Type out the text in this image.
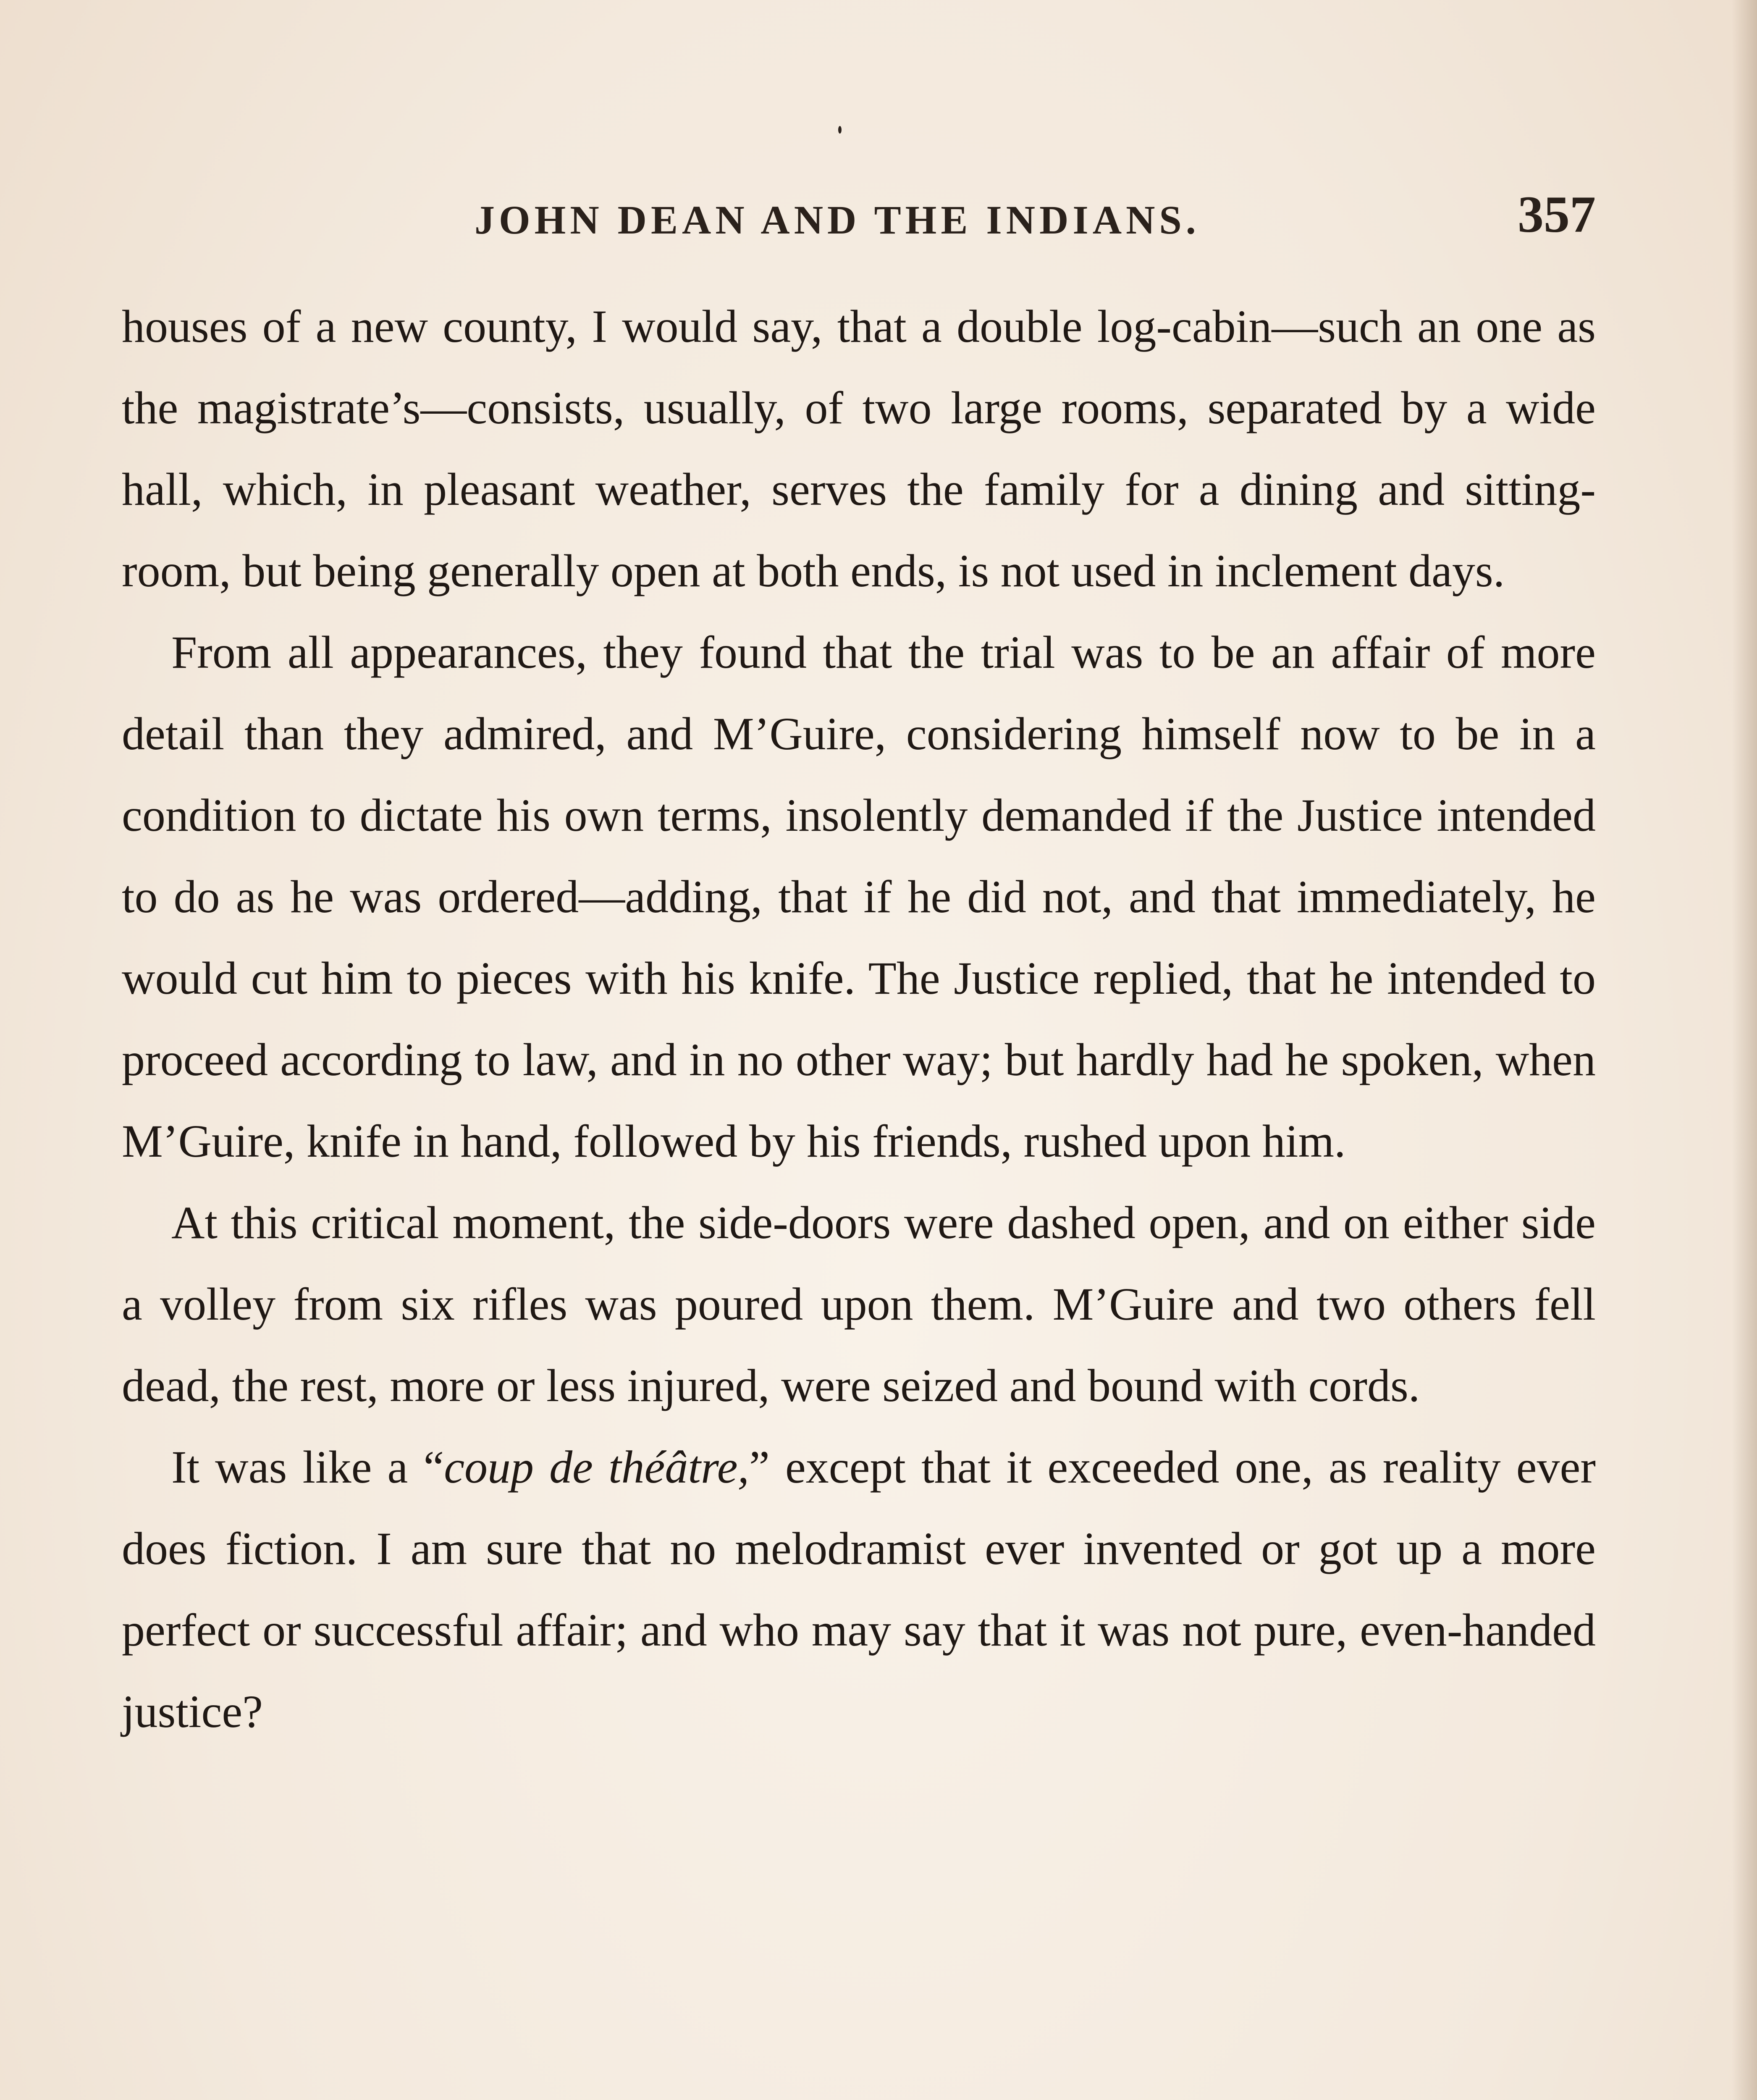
JOHN DEAN AND THE INDIANS.	357

houses of a new county, I would say, that a double log-cabin—such an one as the magistrate’s—consists, usually, of two large rooms, separated by a wide hall, which, in pleasant weather, serves the family for a dining and sitting-room, but being generally open at both ends, is not used in inclement days.

From all appearances, they found that the trial was to be an affair of more detail than they admired, and M’Guire, considering himself now to be in a condition to dictate his own terms, insolently demanded if the Justice intended to do as he was ordered—adding, that if he did not, and that immediately, he would cut him to pieces with his knife. The Justice replied, that he intended to proceed according to law, and in no other way; but hardly had he spoken, when M’Guire, knife in hand, followed by his friends, rushed upon him.

At this critical moment, the side-doors were dashed open, and on either side a volley from six rifles was poured upon them. M’Guire and two others fell dead, the rest, more or less injured, were seized and bound with cords.

It was like a “coup de théâtre,” except that it exceeded one, as reality ever does fiction. I am sure that no melodramist ever invented or got up a more perfect or successful affair; and who may say that it was not pure, even-handed justice?
